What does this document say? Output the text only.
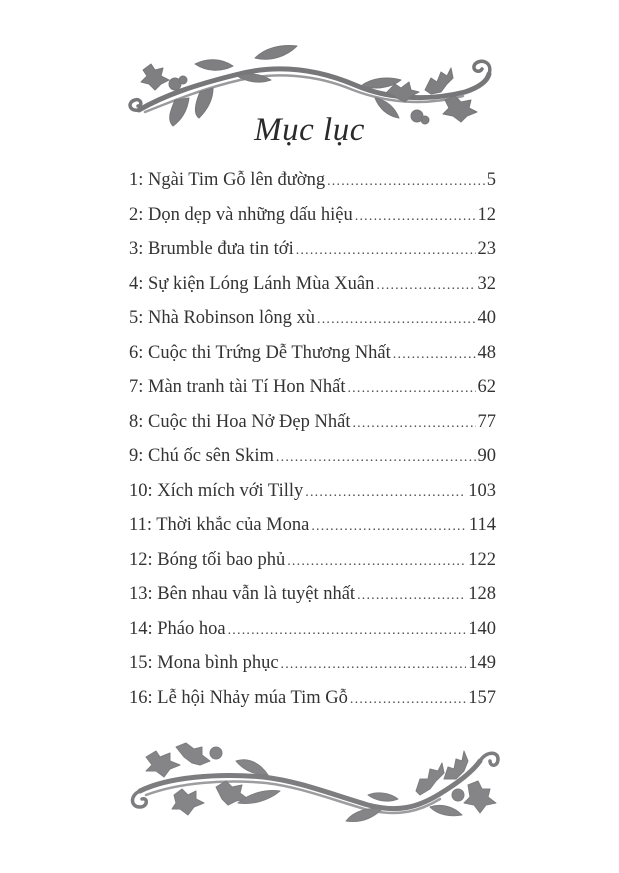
Mục lục
1: Ngài Tim Gỗ lên đường .....	5
2: Dọn dẹp và những dấu hiệu .....	12
3: Brumble đưa tin tới .....	23
4: Sự kiện Lóng Lánh Mùa Xuân .....	32
5: Nhà Robinson lông xù .....	40
6: Cuộc thi Trứng Dễ Thương Nhất .....	48
7: Màn tranh tài Tí Hon Nhất .....	62
8: Cuộc thi Hoa Nở Đẹp Nhất .....	77
9: Chú ốc sên Skim .....	90
10: Xích mích với Tilly .....	103
11: Thời khắc của Mona .....	114
12: Bóng tối bao phủ .....	122
13: Bên nhau vẫn là tuyệt nhất .....	128
14: Pháo hoa .....	140
15: Mona bình phục .....	149
16: Lễ hội Nhảy múa Tim Gỗ .....	157
